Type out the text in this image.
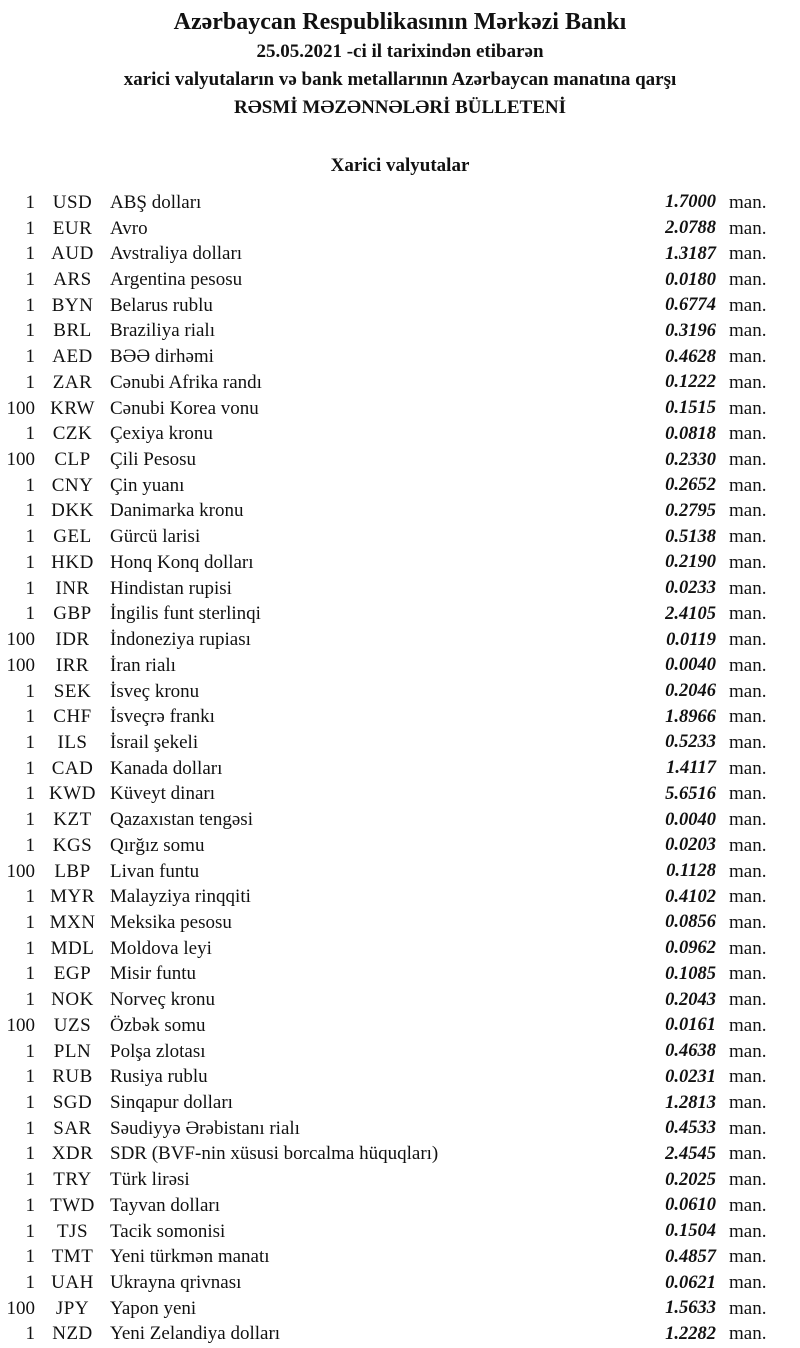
Azərbaycan Respublikasının Mərkəzi Bankı
25.05.2021 -ci il tarixindən etibarən
xarici valyutaların və bank metallarının Azərbaycan manatına qarşı
RƏSMİ MƏZƏNNƏLƏRİ BÜLLETENİ
Xarici valyutalar
1 USD ABŞ dolları	1.7000 man.
1 EUR Avro	2.0788 man.
1 AUD Avstraliya dolları	1.3187 man.
1 ARS Argentina pesosu	0.0180 man.
1 BYN Belarus rublu	0.6774 man.
1 BRL Braziliya rialı	0.3196 man.
1 AED BƏƏ dirhəmi	0.4628 man.
1 ZAR Cənubi Afrika randı	0.1222 man.
100 KRW Cənubi Korea vonu	0.1515 man.
1 CZK Çexiya kronu	0.0818 man.
100	CLP	Çili Pesosu	0.2330 man.
1 CNY Çin yuanı	0.2652 man.
1 DKK Danimarka kronu	0.2795 man.
1 GEL Gürcü larisi	0.5138 man.
1 HKD Honq Konq dolları	0.2190 man.
1	INR	Hindistan rupisi	0.0233 man.
1 GBP İngilis funt sterlinqi	2.4105 man.
100	IDR	İndoneziya rupiası	0.0119 man.
100	IRR	İran rialı	0.0040 man.
1 SEK İsveç kronu	0.2046 man.
1 CHF İsveçrə frankı	1.8966 man.
1	ILS	İsrail şekeli	0.5233 man.
1 CAD Kanada dolları	1.4117 man.
1 KWD Küveyt dinarı	5.6516 man.
1 KZT Qazaxıstan tengəsi	0.0040 man.
1 KGS Qırğız somu	0.0203 man.
100	LBP	Livan funtu	0.1128 man.
1 MYR Malayziya rinqqiti	0.4102 man.
1 MXN Meksika pesosu	0.0856 man.
1 MDL Moldova leyi	0.0962 man.
1 EGP Misir funtu	0.1085 man.
1 NOK Norveç kronu	0.2043 man.
100 UZS Özbək somu	0.0161 man.
1 PLN Polşa zlotası	0.4638 man.
1 RUB Rusiya rublu	0.0231 man.
1 SGD Sinqapur dolları	1.2813 man.
1 SAR Səudiyyə Ərəbistanı rialı	0.4533 man.
1 XDR SDR (BVF-nin xüsusi borcalma hüquqları)	2.4545 man.
1 TRY Türk lirəsi	0.2025 man.
1 TWD Tayvan dolları	0.0610 man.
1	TJS	Tacik somonisi	0.1504 man.
1 TMT Yeni türkmən manatı	0.4857 man.
1 UAH Ukrayna qrivnası	0.0621 man.
100	JPY	Yapon yeni	1.5633 man.
1 NZD Yeni Zelandiya dolları	1.2282 man.
